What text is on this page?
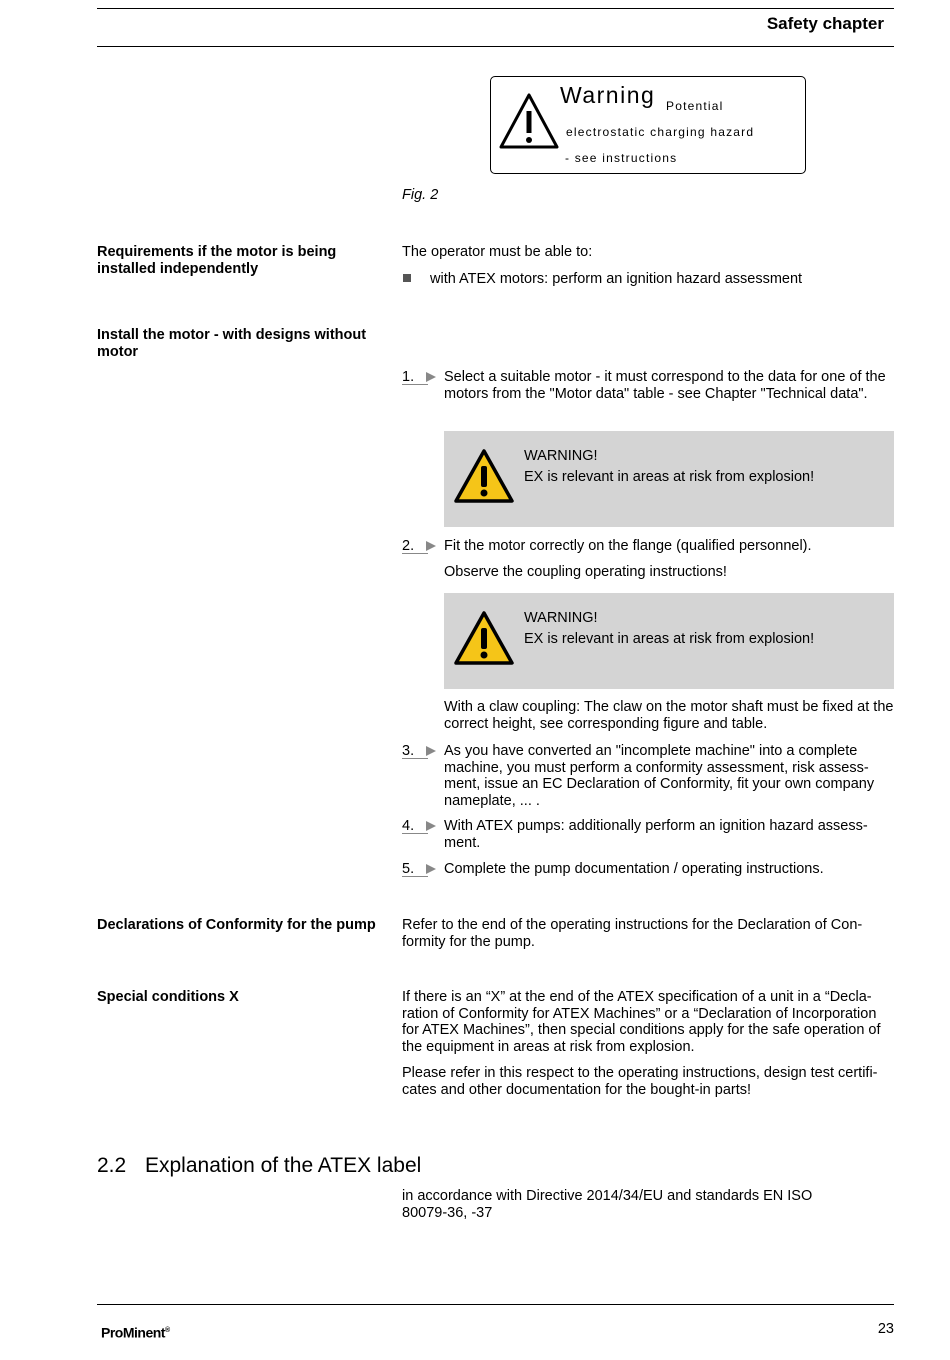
Safety chapter
Warning Potential
electrostatic charging hazard
- see instructions
Fig. 2
Requirements if the motor is being installed independently
The operator must be able to:
with ATEX motors: perform an ignition hazard assessment
Install the motor - with designs without motor
1.	Select a suitable motor - it must correspond to the data for one of the motors from the "Motor data" table - see Chapter "Technical data".
WARNING!
EX is relevant in areas at risk from explosion!
2.	Fit the motor correctly on the flange (qualified personnel).
Observe the coupling operating instructions!
WARNING!
EX is relevant in areas at risk from explosion!
With a claw coupling: The claw on the motor shaft must be fixed at the correct height, see corresponding figure and table.
3.	As you have converted an "incomplete machine" into a complete machine, you must perform a conformity assessment, risk assess-ment, issue an EC Declaration of Conformity, fit your own company nameplate, ... .
4.	With ATEX pumps: additionally perform an ignition hazard assess-ment.
5.	Complete the pump documentation / operating instructions.
Declarations of Conformity for the pump	Refer to the end of the operating instructions for the Declaration of Con-formity for the pump.
Special conditions X	If there is an “X” at the end of the ATEX specification of a unit in a “Decla-ration of Conformity for ATEX Machines” or a “Declaration of Incorporation for ATEX Machines”, then special conditions apply for the safe operation of the equipment in areas at risk from explosion.
Please refer in this respect to the operating instructions, design test certifi-cates and other documentation for the bought-in parts!
2.2 Explanation of the ATEX label
in accordance with Directive 2014/34/EU and standards EN ISO 80079-36, -37
ProMinent®	23
